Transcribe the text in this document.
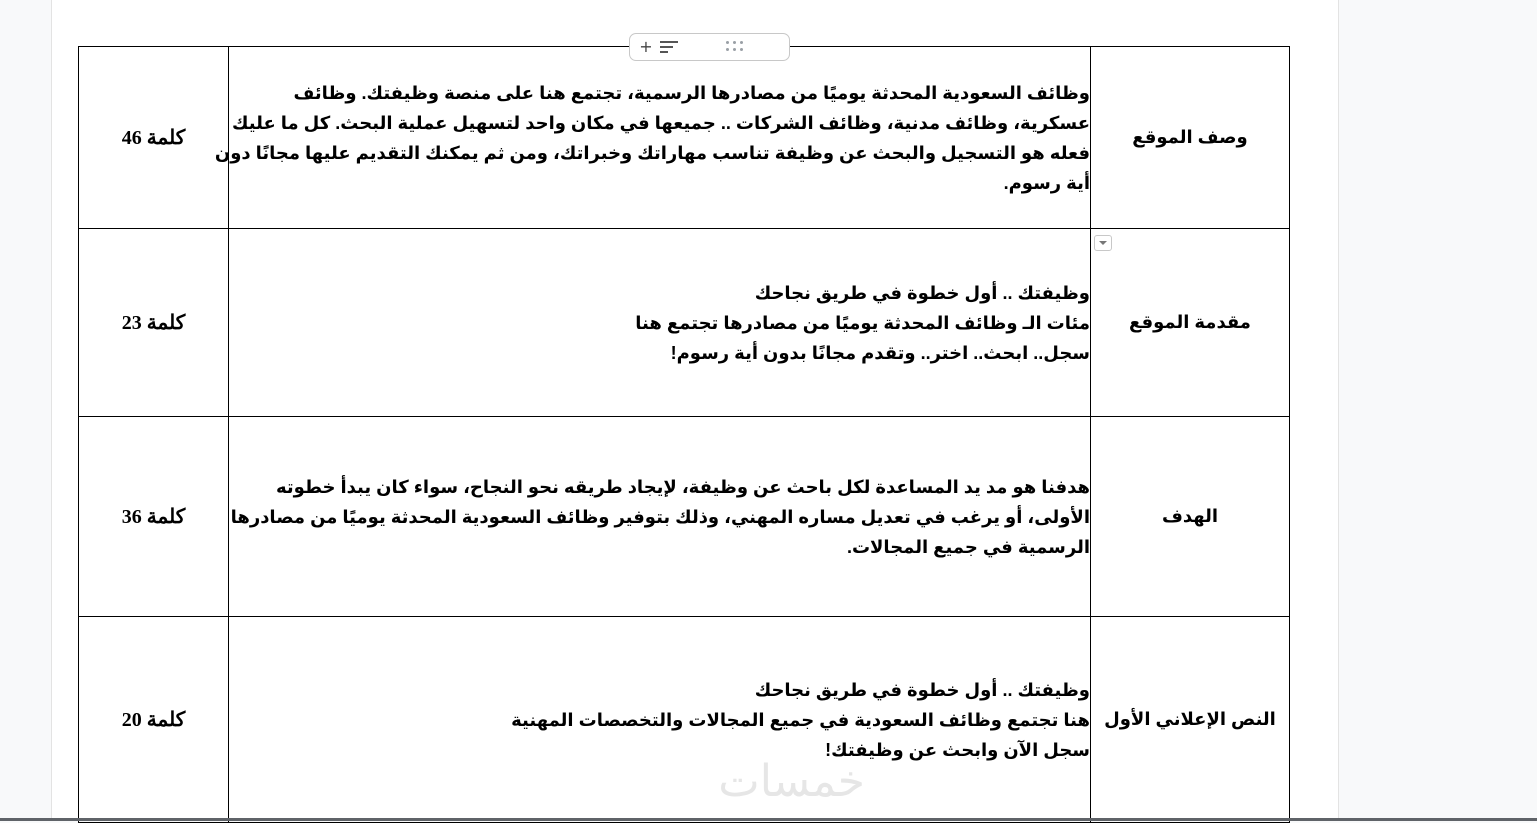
+
46 كلمة	وظائف السعودية المحدثة يوميًا من مصادرها الرسمية، تجتمع هنا على منصة وظيفتك. وظائف
عسكرية، وظائف مدنية، وظائف الشركات .. جميعها في مكان واحد لتسهيل عملية البحث. كل ما عليك
فعله هو التسجيل والبحث عن وظيفة تناسب مهاراتك وخبراتك، ومن ثم يمكنك التقديم عليها مجانًا دون
أية رسوم.	وصف الموقع
23 كلمة	وظيفتك .. أول خطوة في طريق نجاحك
مئات الـ وظائف المحدثة يوميًا من مصادرها تجتمع هنا
سجل.. ابحث.. اختر.. وتقدم مجانًا بدون أية رسوم!	مقدمة الموقع
36 كلمة	هدفنا هو مد يد المساعدة لكل باحث عن وظيفة، لإيجاد طريقه نحو النجاح، سواء كان يبدأ خطوته
الأولى، أو يرغب في تعديل مساره المهني، وذلك بتوفير وظائف السعودية المحدثة يوميًا من مصادرها
الرسمية في جميع المجالات.	الهدف
20 كلمة	وظيفتك .. أول خطوة في طريق نجاحك
هنا تجتمع وظائف السعودية في جميع المجالات والتخصصات المهنية
سجل الآن وابحث عن وظيفتك!	النص الإعلاني الأول
خمسات
